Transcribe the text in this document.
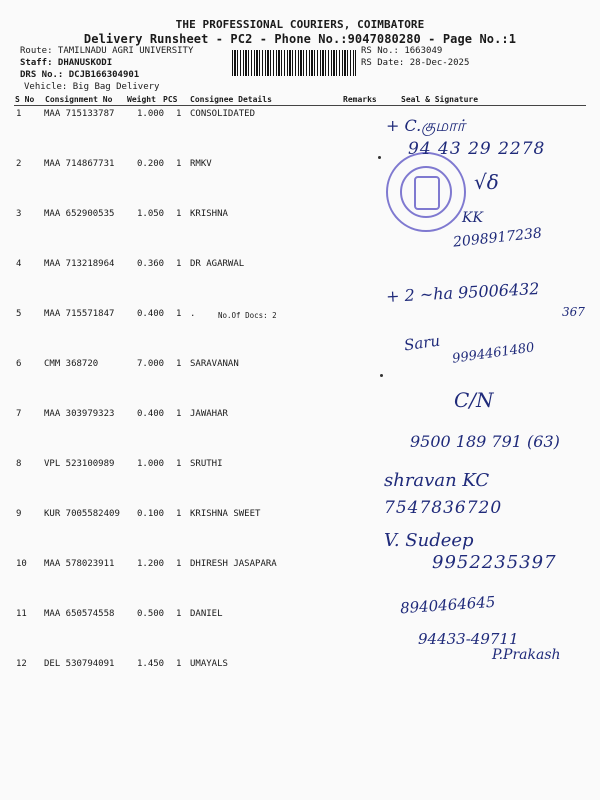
THE PROFESSIONAL COURIERS, COIMBATORE
Delivery Runsheet - PC2 - Phone No.:9047080280 - Page No.:1
Route: TAMILNADU AGRI UNIVERSITY
Staff: DHANUSKODI
DRS No.: DCJB166304901
Vehicle: Big Bag Delivery
RS No.: 1663049
RS Date: 28-Dec-2025
S No Consignment No Weight PCS Consignee Details	Remarks	Seal & Signature
1	MAA 715133787	1.000 1 CONSOLIDATED
2	MAA 714867731	0.200 1 RMKV
3	MAA 652900535	1.050 1 KRISHNA
4	MAA 713218964	0.360 1 DR AGARWAL
5	MAA 715571847	0.400 1 .
6	CMM 368720	7.000 1 SARAVANAN
7	MAA 303979323	0.400 1 JAWAHAR
8	VPL 523100989	1.000 1 SRUTHI
9	KUR 7005582409 0.100 1 KRISHNA SWEET
10 MAA 578023911	1.200 1 DHIRESH JASAPARA
11 MAA 650574558	0.500 1 DANIEL
12 DEL 530794091	1.450 1 UMAYALS
No.Of Docs: 2
+ C.குமார்
94 43 29 2278
√δ
KK
2098917238
+ 2 ~ha 95006432
367
Saru 9994461480
C/N
9500 189 791 (63)
shravan KC
7547836720
V. Sudeep
9952235397
8940464645
94433-49711
P.Prakash
